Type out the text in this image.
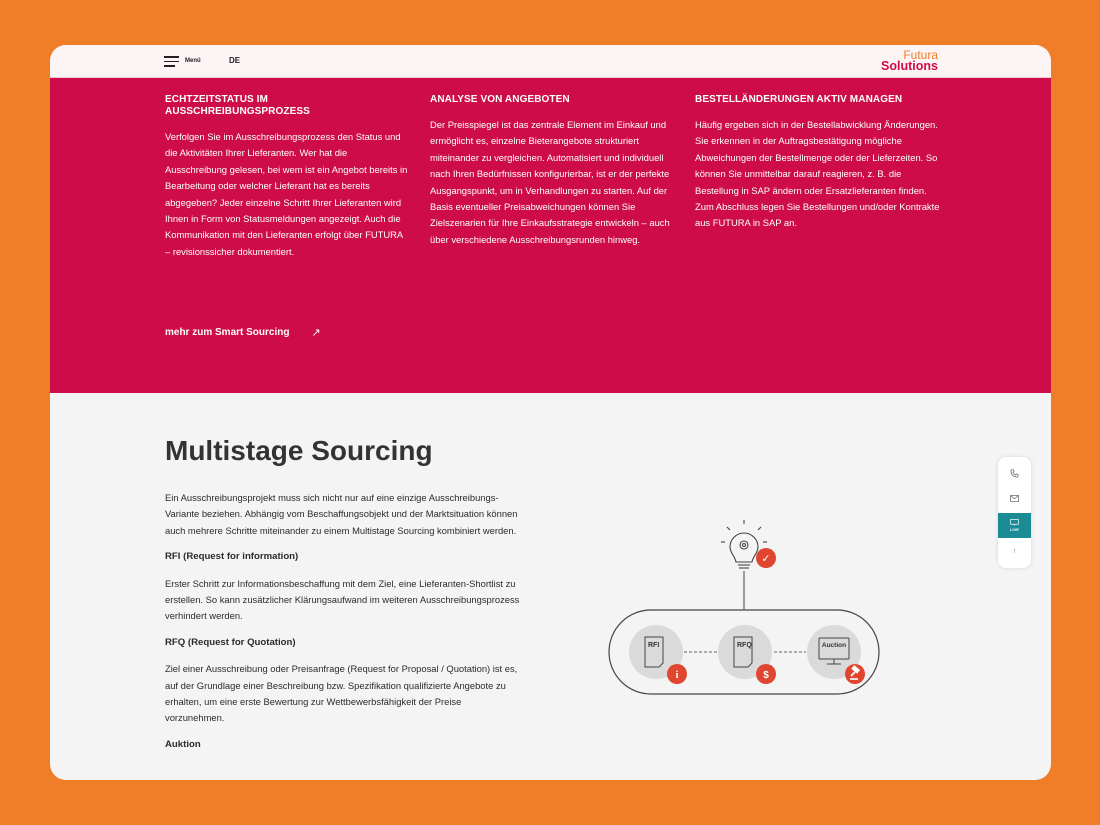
Menü	DE	Futura
Solutions
ECHTZEITSTATUS IM AUSSCHREIBUNGSPROZESS

Verfolgen Sie im Ausschreibungsprozess den Status und die Aktivitäten Ihrer Lieferanten. Wer hat die Ausschreibung gelesen, bei wem ist ein Angebot bereits in Bearbeitung oder welcher Lieferant hat es bereits abgegeben? Jeder einzelne Schritt Ihrer Lieferanten wird Ihnen in Form von Statusmeldungen angezeigt. Auch die Kommunikation mit den Lieferanten erfolgt über FUTURA – revisionssicher dokumentiert.

ANALYSE VON ANGEBOTEN

Der Preisspiegel ist das zentrale Element im Einkauf und ermöglicht es, einzelne Bieterangebote strukturiert miteinander zu vergleichen. Automatisiert und individuell nach Ihren Bedürfnissen konfigurierbar, ist er der perfekte Ausgangspunkt, um in Verhandlungen zu starten. Auf der Basis eventueller Preisabweichungen können Sie Zielszenarien für Ihre Einkaufsstrategie entwickeln – auch über verschiedene Ausschreibungsrunden hinweg.

BESTELLÄNDERUNGEN AKTIV MANAGEN

Häufig ergeben sich in der Bestellabwicklung Änderungen. Sie erkennen in der Auftragsbestätigung mögliche Abweichungen der Bestellmenge oder der Lieferzeiten. So können Sie unmittelbar darauf reagieren, z. B. die Bestellung in SAP ändern oder Ersatzlieferanten finden. Zum Abschluss legen Sie Bestellungen und/oder Kontrakte aus FUTURA in SAP an.

mehr zum Smart Sourcing ↗
Multistage Sourcing

Ein Ausschreibungsprojekt muss sich nicht nur auf eine einzige Ausschreibungs-Variante beziehen. Abhängig vom Beschaffungsobjekt und der Marktsituation können auch mehrere Schritte miteinander zu einem Multistage Sourcing kombiniert werden.

RFI (Request for information)

Erster Schritt zur Informationsbeschaffung mit dem Ziel, eine Lieferanten-Shortlist zu erstellen. So kann zusätzlicher Klärungsaufwand im weiteren Ausschreibungsprozess verhindert werden.

RFQ (Request for Quotation)

Ziel einer Ausschreibung oder Preisanfrage (Request for Proposal / Quotation) ist es, auf der Grundlage einer Beschreibung bzw. Spezifikation qualifizierte Angebote zu erhalten, um eine erste Bewertung zur Wettbewerbsfähigkeit der Preise vorzunehmen.

Auktion
✓
RFI
i
RFQ
$
Auction
LIVE
↑
